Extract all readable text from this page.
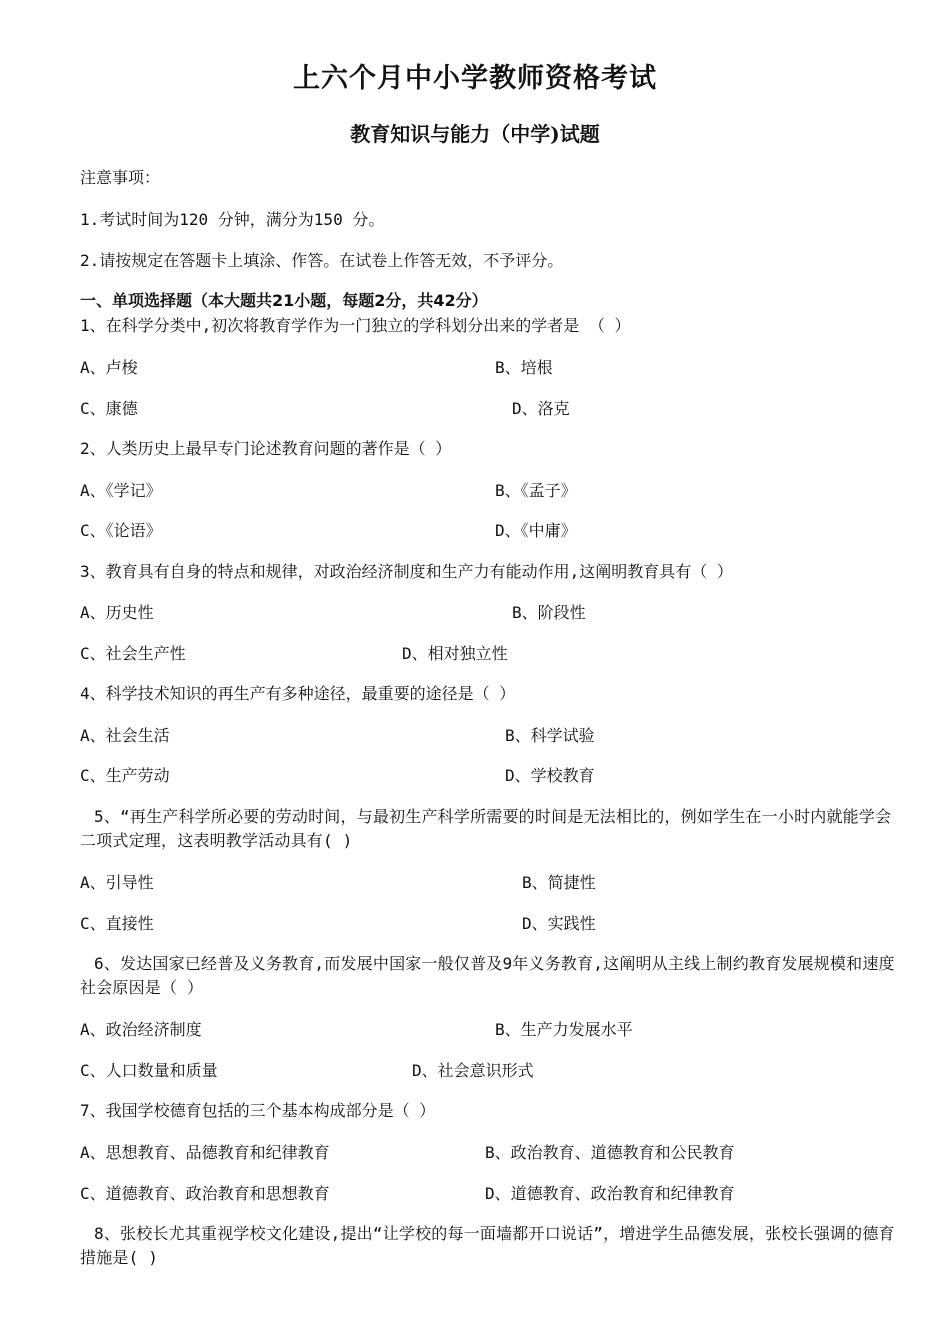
上六个月中小学教师资格考试
教育知识与能力（中学)试题
注意事项：
1.考试时间为120 分钟，满分为150 分。
2.请按规定在答题卡上填涂、作答。在试卷上作答无效，不予评分。
一、单项选择题（本大题共21小题，每题2分，共42分）
1、在科学分类中,初次将教育学作为一门独立的学科划分出来的学者是 （ ）
A、卢梭	B、培根
C、康德	D、洛克
2、人类历史上最早专门论述教育问题的著作是（ ）
A、《学记》	B、《孟子》
C、《论语》	D、《中庸》
3、教育具有自身的特点和规律，对政治经济制度和生产力有能动作用,这阐明教育具有（ ）
A、历史性	B、阶段性
C、社会生产性	D、相对独立性
4、科学技术知识的再生产有多种途径，最重要的途径是（ ）
A、社会生活	B、科学试验
C、生产劳动	D、学校教育
5、“再生产科学所必要的劳动时间，与最初生产科学所需要的时间是无法相比的，例如学生在一小时内就能学会二项式定理，这表明教学活动具有( )
A、引导性	B、简捷性
C、直接性	D、实践性
6、发达国家已经普及义务教育,而发展中国家一般仅普及9年义务教育,这阐明从主线上制约教育发展规模和速度社会原因是（ ）
A、政治经济制度	B、生产力发展水平
C、人口数量和质量	D、社会意识形式
7、我国学校德育包括的三个基本构成部分是（ ）
A、思想教育、品德教育和纪律教育	B、政治教育、道德教育和公民教育
C、道德教育、政治教育和思想教育	D、道德教育、政治教育和纪律教育
8、张校长尤其重视学校文化建设,提出“让学校的每一面墙都开口说话”，增进学生品德发展，张校长强调的德育措施是( )
